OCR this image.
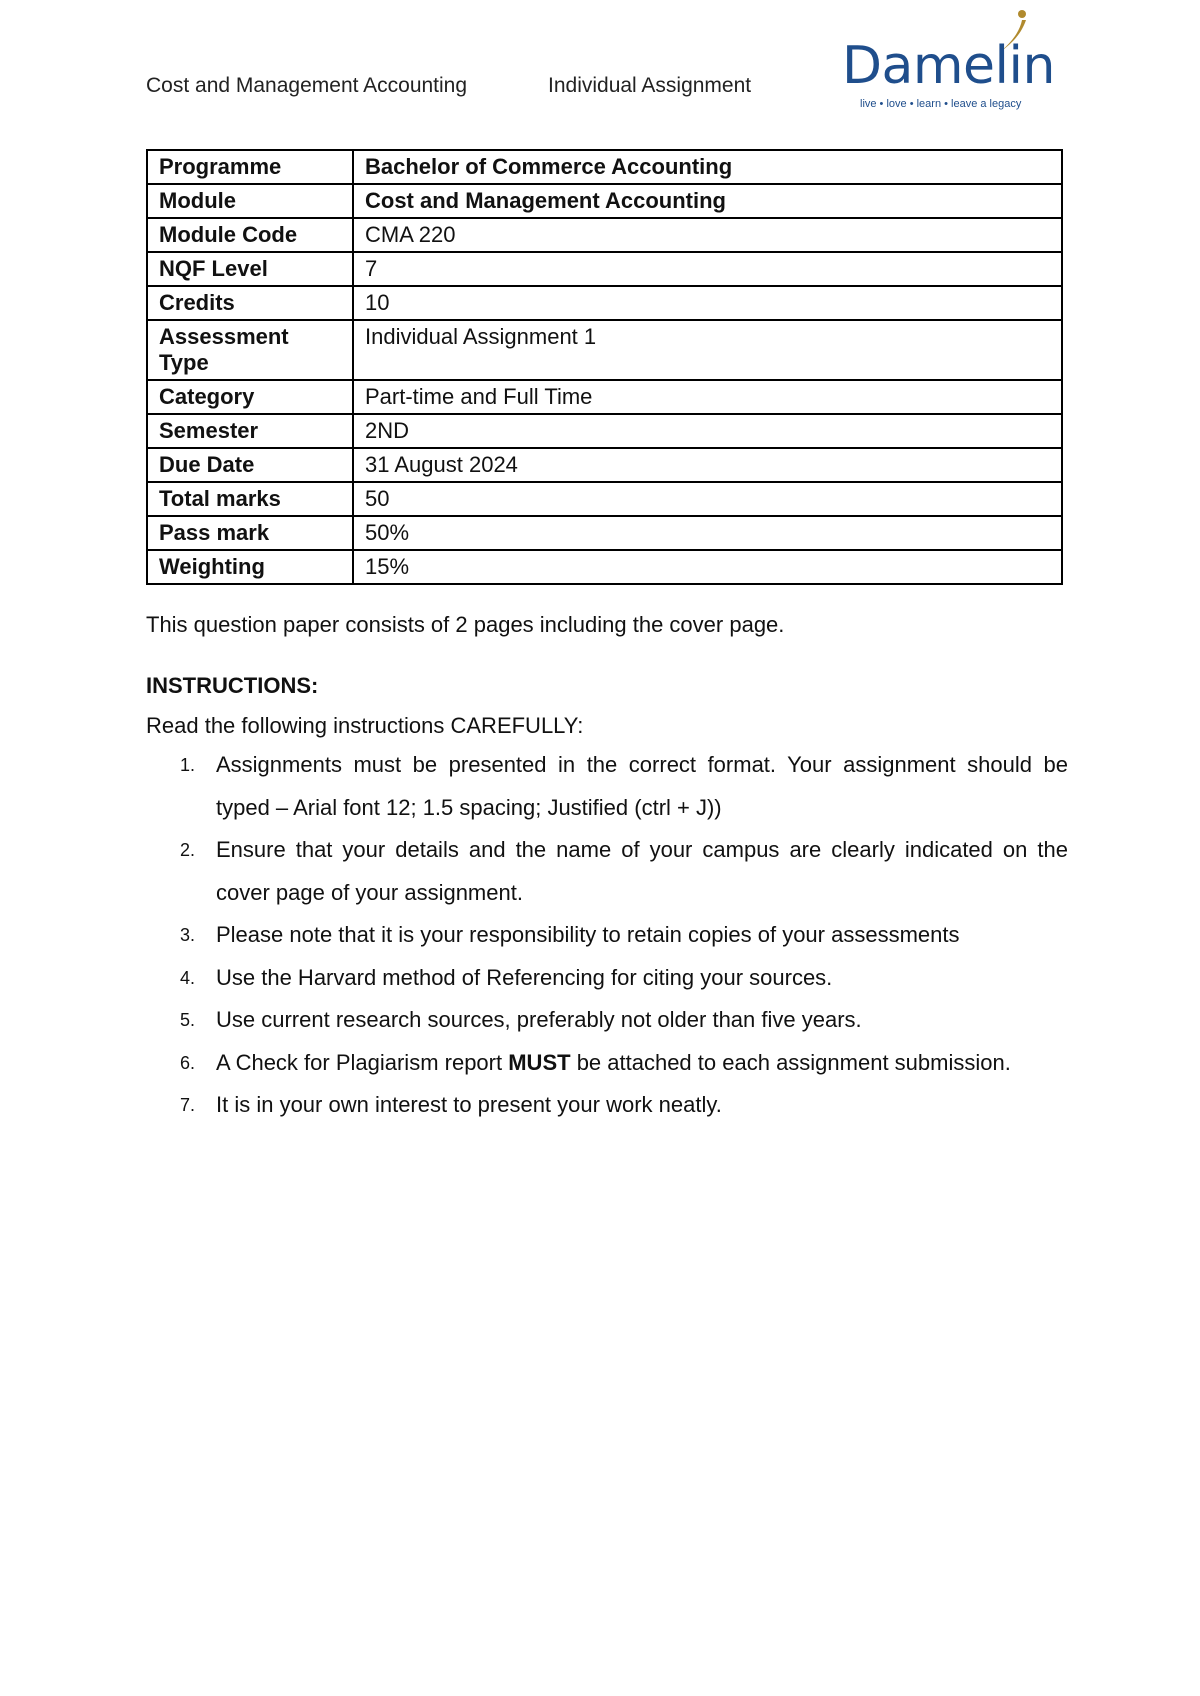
Cost and Management Accounting	Individual Assignment Damelin
live • love • learn • leave a legacy
Programme	Bachelor of Commerce Accounting
Module	Cost and Management Accounting
Module Code	CMA 220
NQF Level	7
Credits	10
Assessment Type	Individual Assignment 1
Category	Part-time and Full Time
Semester	2ND
Due Date	31 August 2024
Total marks	50
Pass mark	50%
Weighting	15%
This question paper consists of 2 pages including the cover page.
INSTRUCTIONS:
Read the following instructions CAREFULLY:
1. Assignments must be presented in the correct format. Your assignment should be typed – Arial font 12; 1.5 spacing; Justified (ctrl + J))
2. Ensure that your details and the name of your campus are clearly indicated on the cover page of your assignment.
3. Please note that it is your responsibility to retain copies of your assessments
4. Use the Harvard method of Referencing for citing your sources.
5. Use current research sources, preferably not older than five years.
6. A Check for Plagiarism report MUST be attached to each assignment submission.
7. It is in your own interest to present your work neatly.
